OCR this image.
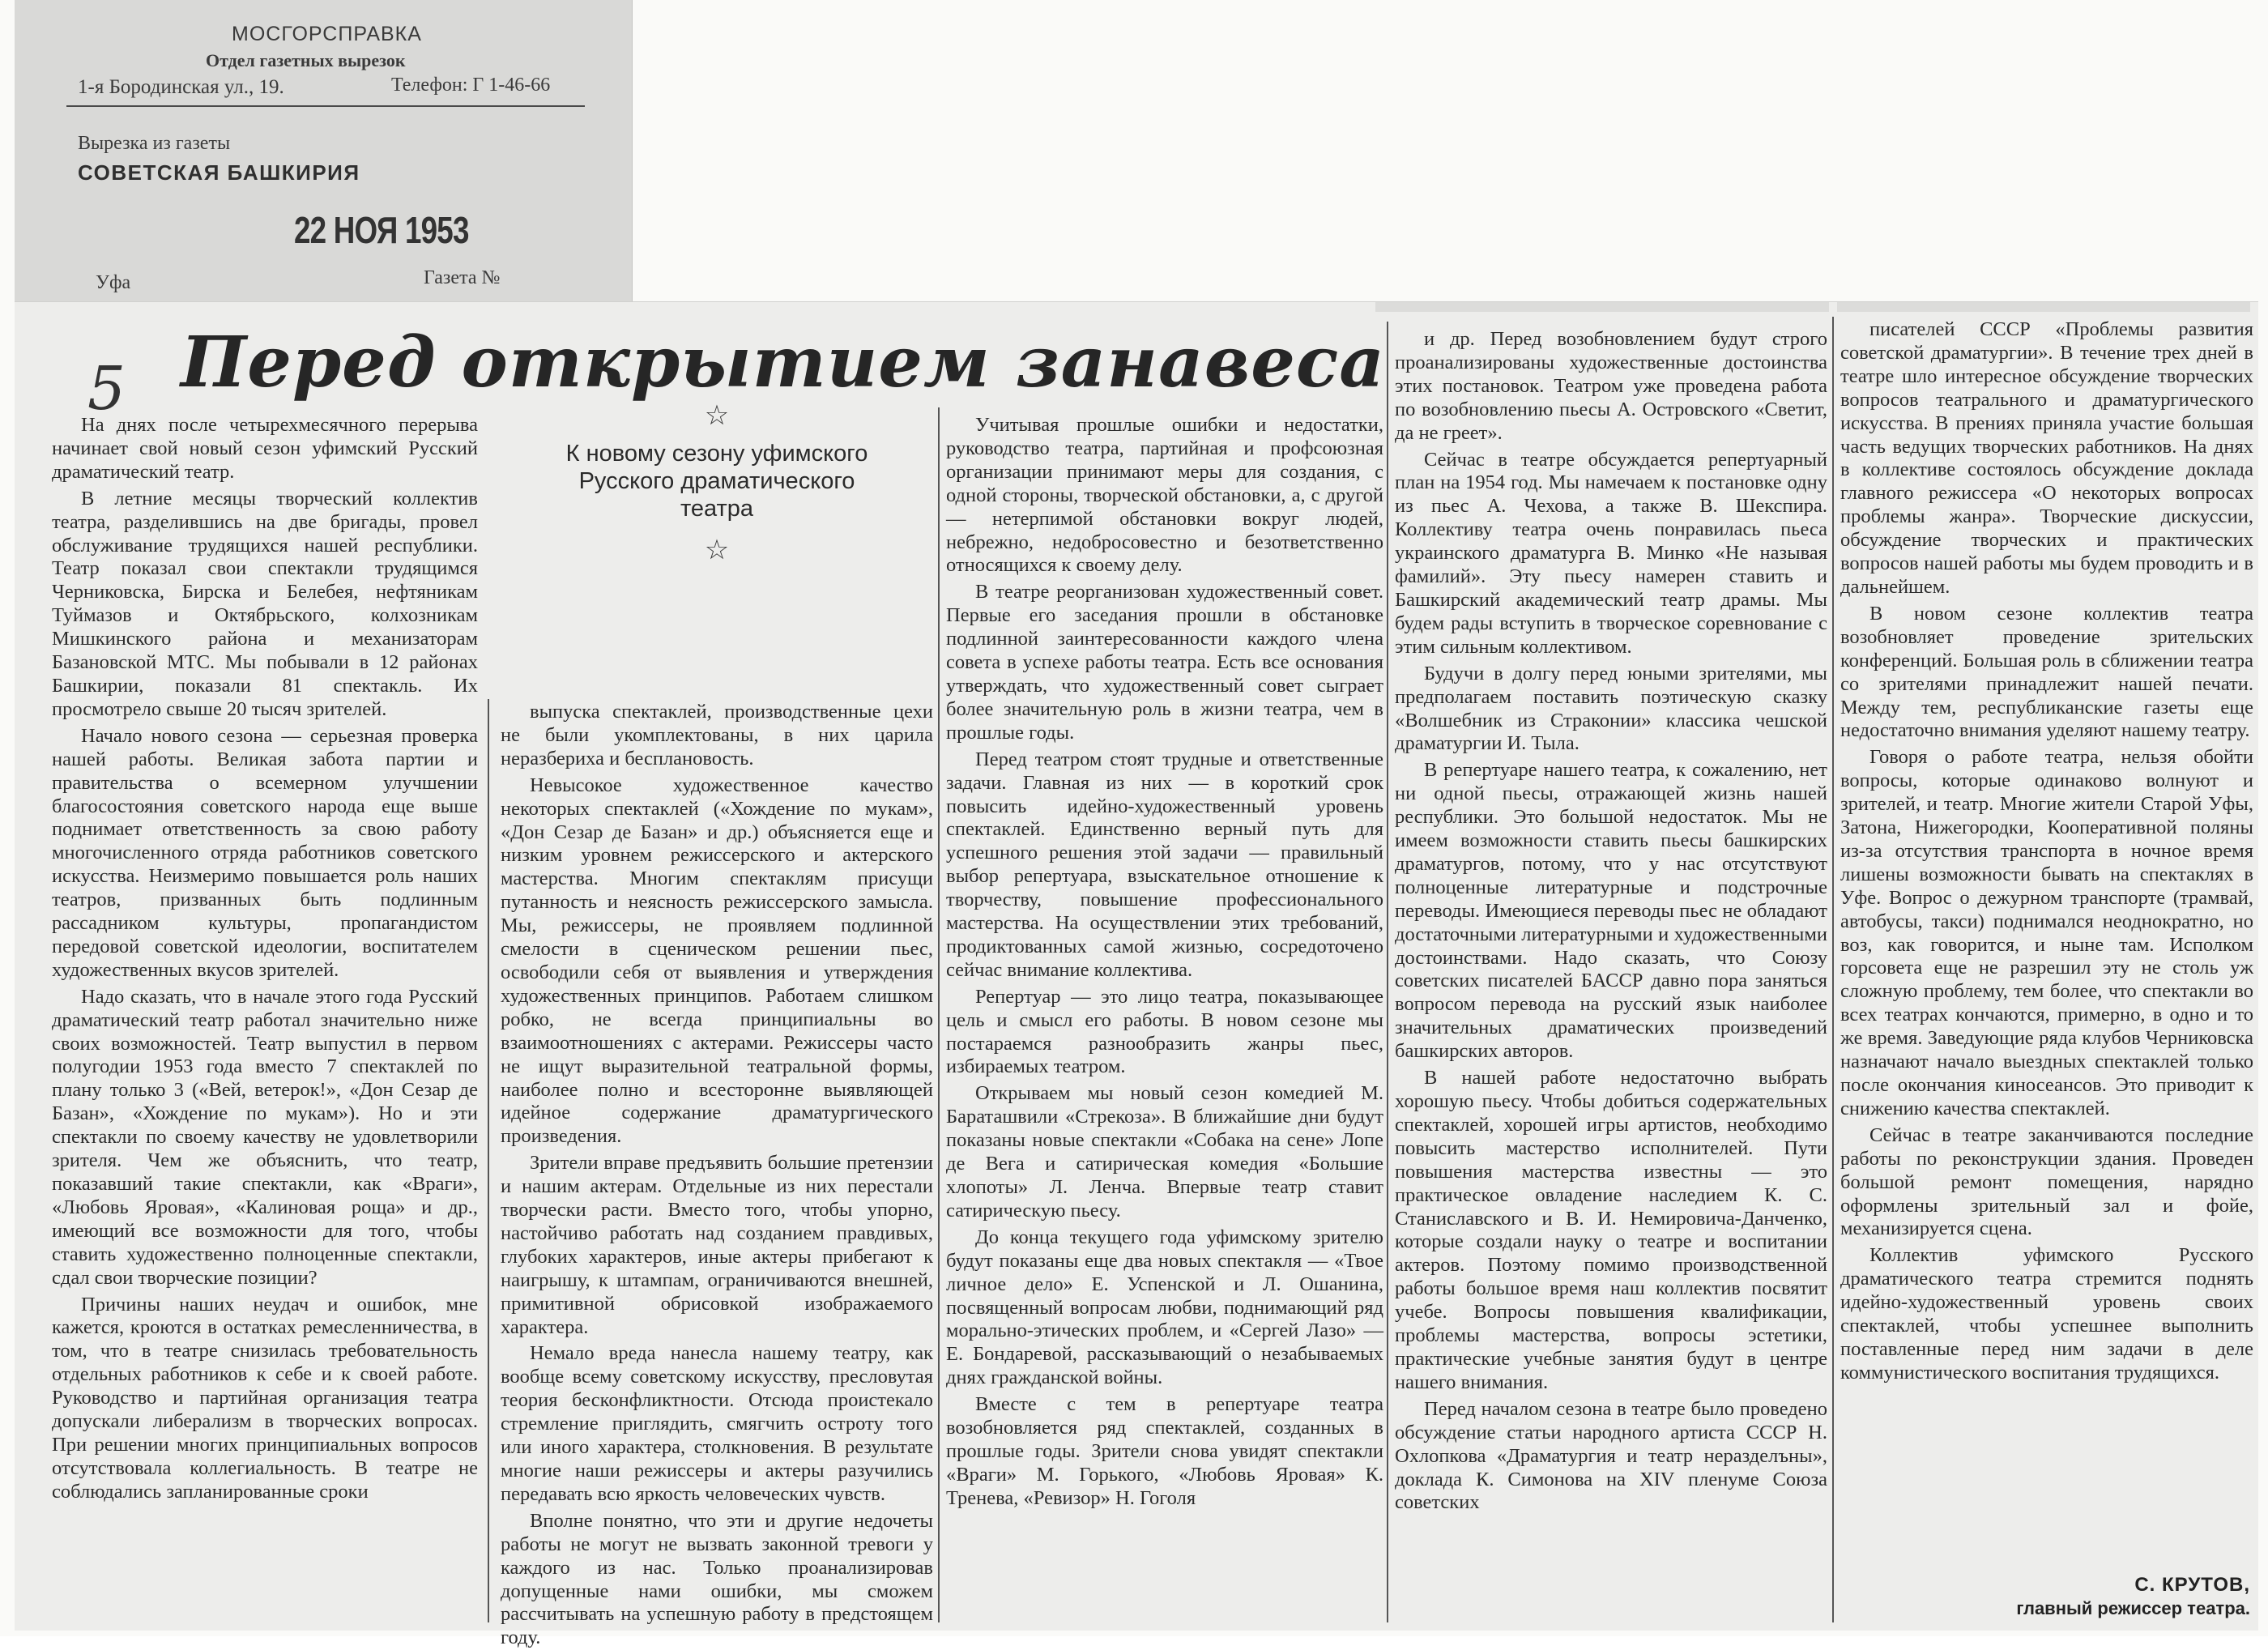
МОСГОРСПРАВКА
Отдел газетных вырезок
1-я Бородинская ул., 19.	Телефон: Г 1-46-66
Вырезка из газеты
СОВЕТСКАЯ БАШКИРИЯ
22 НОЯ 1953
Уфа	Газета №
5 Перед открытием занавеса
☆
К новому сезону уфимского
Русского драматического
театра
☆

На днях после четырехмесячного перерыва начинает свой новый сезон уфимский Русский драматический театр.

В летние месяцы творческий коллектив театра, разделившись на две бригады, провел обслуживание трудящихся нашей республики. Театр показал свои спектакли трудящимся Черниковска, Бирска и Белебея, нефтяникам Туймазов и Октябрьского, колхозникам Мишкинского района и механизаторам Базановской МТС. Мы побывали в 12 районах Башкирии, показали 81 спектакль. Их просмотрело свыше 20 тысяч зрителей.

Начало нового сезона — серьезная проверка нашей работы. Великая забота партии и правительства о всемерном улучшении благосостояния советского народа еще выше поднимает ответственность за свою работу многочисленного отряда работников советского искусства. Неизмеримо повышается роль наших театров, призванных быть подлинным рассадником культуры, пропагандистом передовой советской идеологии, воспитателем художественных вкусов зрителей.

Надо сказать, что в начале этого года Русский драматический театр работал значительно ниже своих возможностей. Театр выпустил в первом полугодии 1953 года вместо 7 спектаклей по плану только 3 («Вей, ветерок!», «Дон Сезар де Базан», «Хождение по мукам»). Но и эти спектакли по своему качеству не удовлетворили зрителя. Чем же объяснить, что театр, показавший такие спектакли, как «Враги», «Любовь Яровая», «Калиновая роща» и др., имеющий все возможности для того, чтобы ставить художественно полноценные спектакли, сдал свои творческие позиции?

Причины наших неудач и ошибок, мне кажется, кроются в остатках ремесленничества, в том, что в театре снизилась требовательность отдельных работников к себе и к своей работе. Руководство и партийная организация театра допускали либерализм в творческих вопросах. При решении многих принципиальных вопросов отсутствовала коллегиальность. В театре не соблюдались запланированные сроки

выпуска спектаклей, производственные цехи не были укомплектованы, в них царила неразбериха и бесплановость.

Невысокое художественное качество некоторых спектаклей («Хождение по мукам», «Дон Сезар де Базан» и др.) объясняется еще и низким уровнем режиссерского и актерского мастерства. Многим спектаклям присущи путанность и неясность режиссерского замысла. Мы, режиссеры, не проявляем подлинной смелости в сценическом решении пьес, освободили себя от выявления и утверждения художественных принципов. Работаем слишком робко, не всегда принципиальны во взаимоотношениях с актерами. Режиссеры часто не ищут выразительной театральной формы, наиболее полно и всесторонне выявляющей идейное содержание драматургического произведения.

Зрители вправе предъявить большие претензии и нашим актерам. Отдельные из них перестали творчески расти. Вместо того, чтобы упорно, настойчиво работать над созданием правдивых, глубоких характеров, иные актеры прибегают к наигрышу, к штампам, ограничиваются внешней, примитивной обрисовкой изображаемого характера.

Немало вреда нанесла нашему театру, как вообще всему советскому искусству, пресловутая теория бесконфликтности. Отсюда проистекало стремление приглядить, смягчить остроту того или иного характера, столкновения. В результате многие наши режиссеры и актеры разучились передавать всю яркость человеческих чувств.

Вполне понятно, что эти и другие недочеты работы не могут не вызвать законной тревоги у каждого из нас. Только проанализировав допущенные нами ошибки, мы сможем рассчитывать на успешную работу в предстоящем году.

Учитывая прошлые ошибки и недостатки, руководство театра, партийная и профсоюзная организации принимают меры для создания, с одной стороны, творческой обстановки, а, с другой — нетерпимой обстановки вокруг людей, небрежно, недобросовестно и безответственно относящихся к своему делу.

В театре реорганизован художественный совет. Первые его заседания прошли в обстановке подлинной заинтересованности каждого члена совета в успехе работы театра. Есть все основания утверждать, что художественный совет сыграет более значительную роль в жизни театра, чем в прошлые годы.

Перед театром стоят трудные и ответственные задачи. Главная из них — в короткий срок повысить идейно-художественный уровень спектаклей. Единственно верный путь для успешного решения этой задачи — правильный выбор репертуара, взыскательное отношение к творчеству, повышение профессионального мастерства. На осуществлении этих требований, продиктованных самой жизнью, сосредоточено сейчас внимание коллектива.

Репертуар — это лицо театра, показывающее цель и смысл его работы. В новом сезоне мы постараемся разнообразить жанры пьес, избираемых театром.

Открываем мы новый сезон комедией М. Бараташвили «Стрекоза». В ближайшие дни будут показаны новые спектакли «Собака на сене» Лопе де Вега и сатирическая комедия «Большие хлопоты» Л. Ленча. Впервые театр ставит сатирическую пьесу.

До конца текущего года уфимскому зрителю будут показаны еще два новых спектакля — «Твое личное дело» Е. Успенской и Л. Ошанина, посвященный вопросам любви, поднимающий ряд морально-этических проблем, и «Сергей Лазо» — Е. Бондаревой, рассказывающий о незабываемых днях гражданской войны.

Вместе с тем в репертуаре театра возобновляется ряд спектаклей, созданных в прошлые годы. Зрители снова увидят спектакли «Враги» М. Горького, «Любовь Яровая» К. Тренева, «Ревизор» Н. Гоголя

и др. Перед возобновлением будут строго проанализированы художественные достоинства этих постановок. Театром уже проведена работа по возобновлению пьесы А. Островского «Светит, да не греет».

Сейчас в театре обсуждается репертуарный план на 1954 год. Мы намечаем к постановке одну из пьес А. Чехова, а также В. Шекспира. Коллективу театра очень понравилась пьеса украинского драматурга В. Минко «Не называя фамилий». Эту пьесу намерен ставить и Башкирский академический театр драмы. Мы будем рады вступить в творческое соревнование с этим сильным коллективом.

Будучи в долгу перед юными зрителями, мы предполагаем поставить поэтическую сказку «Волшебник из Страконии» классика чешской драматургии И. Тыла.

В репертуаре нашего театра, к сожалению, нет ни одной пьесы, отражающей жизнь нашей республики. Это большой недостаток. Мы не имеем возможности ставить пьесы башкирских драматургов, потому, что у нас отсутствуют полноценные литературные и подстрочные переводы. Имеющиеся переводы пьес не обладают достаточными литературными и художественными достоинствами. Надо сказать, что Союзу советских писателей БАССР давно пора заняться вопросом перевода на русский язык наиболее значительных драматических произведений башкирских авторов.

В нашей работе недостаточно выбрать хорошую пьесу. Чтобы добиться содержательных спектаклей, хорошей игры артистов, необходимо повысить мастерство исполнителей. Пути повышения мастерства известны — это практическое овладение наследием К. С. Станиславского и В. И. Немировича-Данченко, которые создали науку о театре и воспитании актеров. Поэтому помимо производственной работы большое время наш коллектив посвятит учебе. Вопросы повышения квалификации, проблемы мастерства, вопросы эстетики, практические учебные занятия будут в центре нашего внимания.

Перед началом сезона в театре было проведено обсуждение статьи народного артиста СССР Н. Охлопкова «Драматургия и театр неразделъны», доклада К. Симонова на XIV пленуме Союза советских

писателей СССР «Проблемы развития советской драматургии». В течение трех дней в театре шло интересное обсуждение творческих вопросов театрального и драматургического искусства. В прениях приняла участие большая часть ведущих творческих работников. На днях в коллективе состоялось обсуждение доклада главного режиссера «О некоторых вопросах проблемы жанра». Творческие дискуссии, обсуждение творческих и практических вопросов нашей работы мы будем проводить и в дальнейшем.

В новом сезоне коллектив театра возобновляет проведение зрительских конференций. Большая роль в сближении театра со зрителями принадлежит нашей печати. Между тем, республиканские газеты еще недостаточно внимания уделяют нашему театру.

Говоря о работе театра, нельзя обойти вопросы, которые одинаково волнуют и зрителей, и театр. Многие жители Старой Уфы, Затона, Нижегородки, Кооперативной поляны из-за отсутствия транспорта в ночное время лишены возможности бывать на спектаклях в Уфе. Вопрос о дежурном транспорте (трамвай, автобусы, такси) поднимался неоднократно, но воз, как говорится, и ныне там. Исполком горсовета еще не разрешил эту не столь уж сложную проблему, тем более, что спектакли во всех театрах кончаются, примерно, в одно и то же время. Заведующие ряда клубов Черниковска назначают начало выездных спектаклей только после окончания киносеансов. Это приводит к снижению качества спектаклей.

Сейчас в театре заканчиваются последние работы по реконструкции здания. Проведен большой ремонт помещения, нарядно оформлены зрительный зал и фойе, механизируется сцена.

Коллектив уфимского Русского драматического театра стремится поднять идейно-художественный уровень своих спектаклей, чтобы успешнее выполнить поставленные перед ним задачи в деле коммунистического воспитания трудящихся.

С. КРУТОВ,
главный режиссер театра.
